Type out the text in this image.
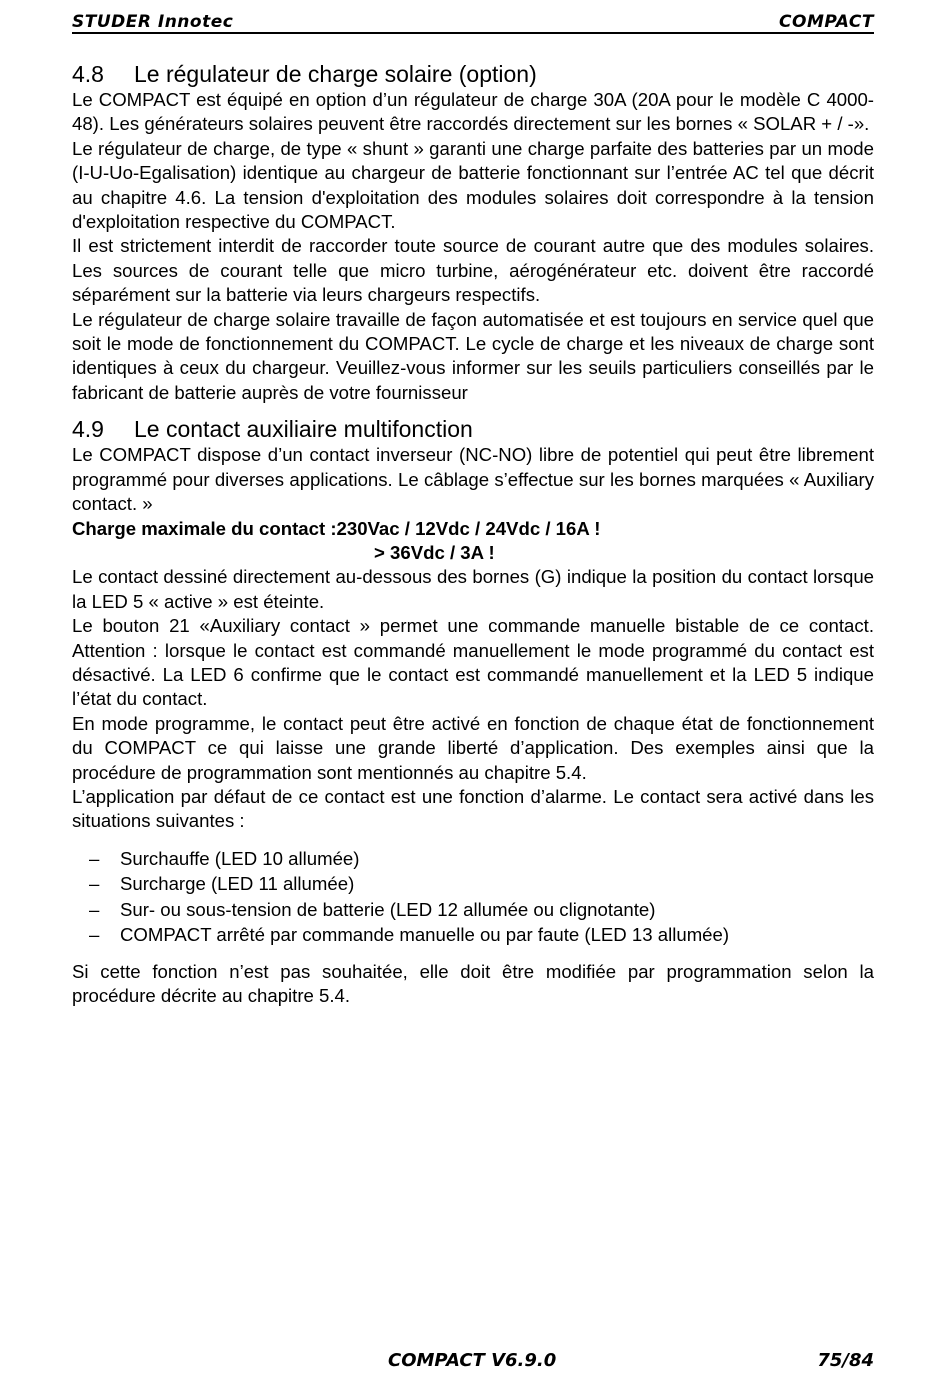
STUDER Innotec	COMPACT
4.8 Le régulateur de charge solaire (option)

Le COMPACT est équipé en option d’un régulateur de charge 30A (20A pour le modèle C 4000-48). Les générateurs solaires peuvent être raccordés directement sur les bornes « SOLAR + / -».

Le régulateur de charge, de type « shunt » garanti une charge parfaite des batteries par un mode (I-U-Uo-Egalisation) identique au chargeur de batterie fonctionnant sur l’entrée AC tel que décrit au chapitre 4.6. La tension d'exploitation des modules solaires doit correspondre à la tension d'exploitation respective du COMPACT.

Il est strictement interdit de raccorder toute source de courant autre que des modules solaires. Les sources de courant telle que micro turbine, aérogénérateur etc. doivent être raccordé séparément sur la batterie via leurs chargeurs respectifs.

Le régulateur de charge solaire travaille de façon automatisée et est toujours en service quel que soit le mode de fonctionnement du COMPACT. Le cycle de charge et les niveaux de charge sont identiques à ceux du chargeur. Veuillez-vous informer sur les seuils particuliers conseillés par le fabricant de batterie auprès de votre fournisseur

4.9 Le contact auxiliaire multifonction

Le COMPACT dispose d’un contact inverseur (NC-NO) libre de potentiel qui peut être librement programmé pour diverses applications. Le câblage s’effectue sur les bornes marquées « Auxiliary contact. »

Charge maximale du contact :230Vac / 12Vdc / 24Vdc / 16A !

> 36Vdc / 3A !

Le contact dessiné directement au-dessous des bornes (G) indique la position du contact lorsque la LED 5 « active » est éteinte.

Le bouton 21 «Auxiliary contact » permet une commande manuelle bistable de ce contact. Attention : lorsque le contact est commandé manuellement le mode programmé du contact est désactivé. La LED 6 confirme que le contact est commandé manuellement et la LED 5 indique l’état du contact.

En mode programme, le contact peut être activé en fonction de chaque état de fonctionnement du COMPACT ce qui laisse une grande liberté d’application. Des exemples ainsi que la procédure de programmation sont mentionnés au chapitre 5.4.

L’application par défaut de ce contact est une fonction d’alarme. Le contact sera activé dans les situations suivantes :

– Surchauffe (LED 10 allumée)
– Surcharge (LED 11 allumée)
– Sur- ou sous-tension de batterie (LED 12 allumée ou clignotante)
– COMPACT arrêté par commande manuelle ou par faute (LED 13 allumée)

Si cette fonction n’est pas souhaitée, elle doit être modifiée par programmation selon la procédure décrite au chapitre 5.4.

COMPACT V6.9.0	75/84
